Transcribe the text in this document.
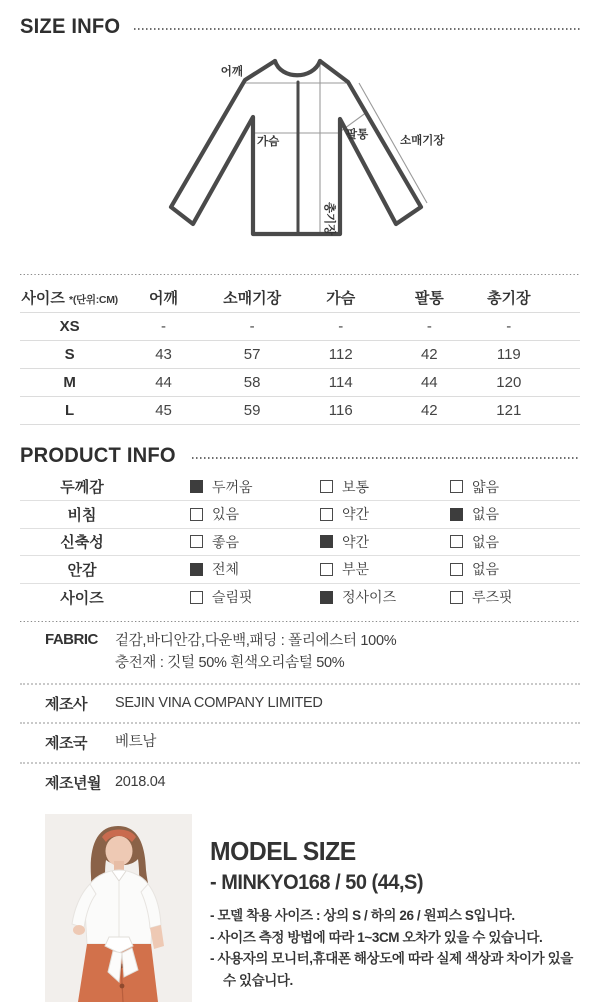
SIZE INFO
어깨
가슴
팔통	소매기장
총기장
사이즈 *(단위:CM)	어깨	소매기장	가슴	팔통	총기장
XS	-	-	-	-	-
S	43	57	112	42	119
M	44	58	114	44	120
L	45	59	116	42	121
PRODUCT INFO
두께감	두꺼움	보통	얇음
비침	있음	약간	없음
신축성	좋음	약간	없음
안감	전체	부분	없음
사이즈	슬림핏	정사이즈	루즈핏
FABRIC	겉감,바디안감,다운백,패딩 : 폴리에스터 100%
충전재 : 깃털 50% 흰색오리솜털 50%
제조사	SEJIN VINA COMPANY LIMITED
제조국	베트남
제조년월 2018.04
MODEL SIZE
- MINKYO168 / 50 (44,S)
- 모델 착용 사이즈 : 상의 S / 하의 26 / 원피스 S입니다.
- 사이즈 측정 방법에 따라 1~3CM 오차가 있을 수 있습니다.
- 사용자의 모니터,휴대폰 해상도에 따라 실제 색상과 차이가 있을 수 있습니다.
